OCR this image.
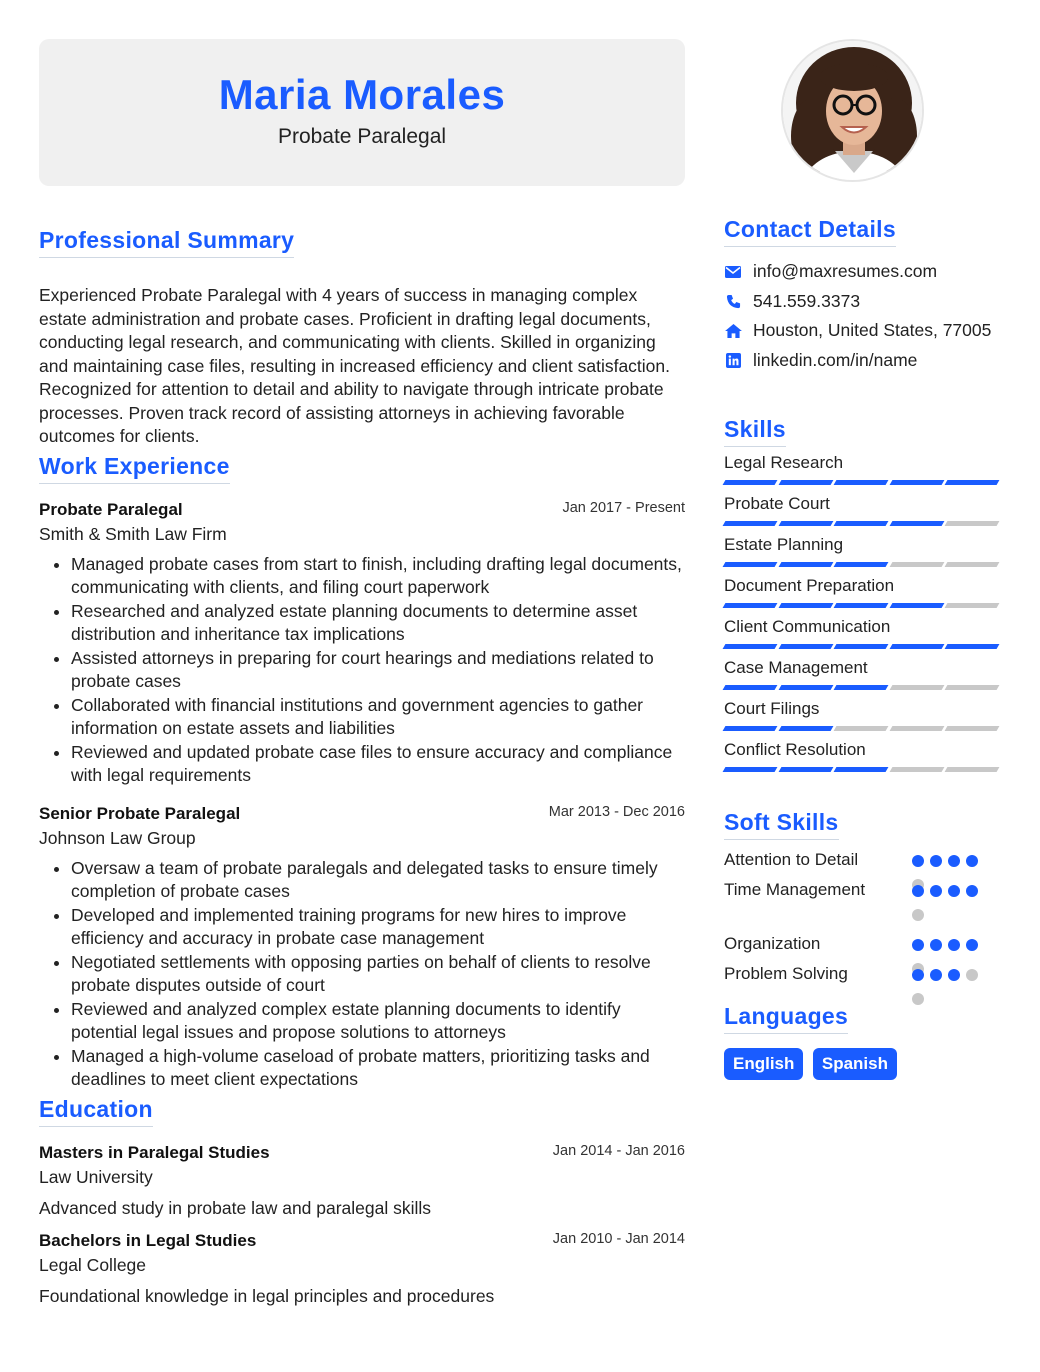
Maria Morales
Probate Paralegal
Professional Summary

Experienced Probate Paralegal with 4 years of success in managing complex estate administration and probate cases. Proficient in drafting legal documents, conducting legal research, and communicating with clients. Skilled in organizing and maintaining case files, resulting in increased efficiency and client satisfaction. Recognized for attention to detail and ability to navigate through intricate probate processes. Proven track record of assisting attorneys in achieving favorable outcomes for clients.

Work Experience
Probate Paralegal	Jan 2017 - Present
Smith & Smith Law Firm
Managed probate cases from start to finish, including drafting legal documents, communicating with clients, and filing court paperwork
Researched and analyzed estate planning documents to determine asset distribution and inheritance tax implications
Assisted attorneys in preparing for court hearings and mediations related to probate cases
Collaborated with financial institutions and government agencies to gather information on estate assets and liabilities
Reviewed and updated probate case files to ensure accuracy and compliance with legal requirements
Senior Probate Paralegal	Mar 2013 - Dec 2016
Johnson Law Group
Oversaw a team of probate paralegals and delegated tasks to ensure timely completion of probate cases
Developed and implemented training programs for new hires to improve efficiency and accuracy in probate case management
Negotiated settlements with opposing parties on behalf of clients to resolve probate disputes outside of court
Reviewed and analyzed complex estate planning documents to identify potential legal issues and propose solutions to attorneys
Managed a high-volume caseload of probate matters, prioritizing tasks and deadlines to meet client expectations
Education
Masters in Paralegal Studies	Jan 2014 - Jan 2016
Law University
Advanced study in probate law and paralegal skills
Bachelors in Legal Studies	Jan 2010 - Jan 2014
Legal College
Foundational knowledge in legal principles and procedures
Contact Details
info@maxresumes.com
541.559.3373
Houston, United States, 77005
linkedin.com/in/name
Skills
Legal Research
Probate Court
Estate Planning
Document Preparation
Client Communication
Case Management
Court Filings
Conflict Resolution
Soft Skills
Attention to Detail
Time Management
Organization
Problem Solving
Languages
English Spanish
